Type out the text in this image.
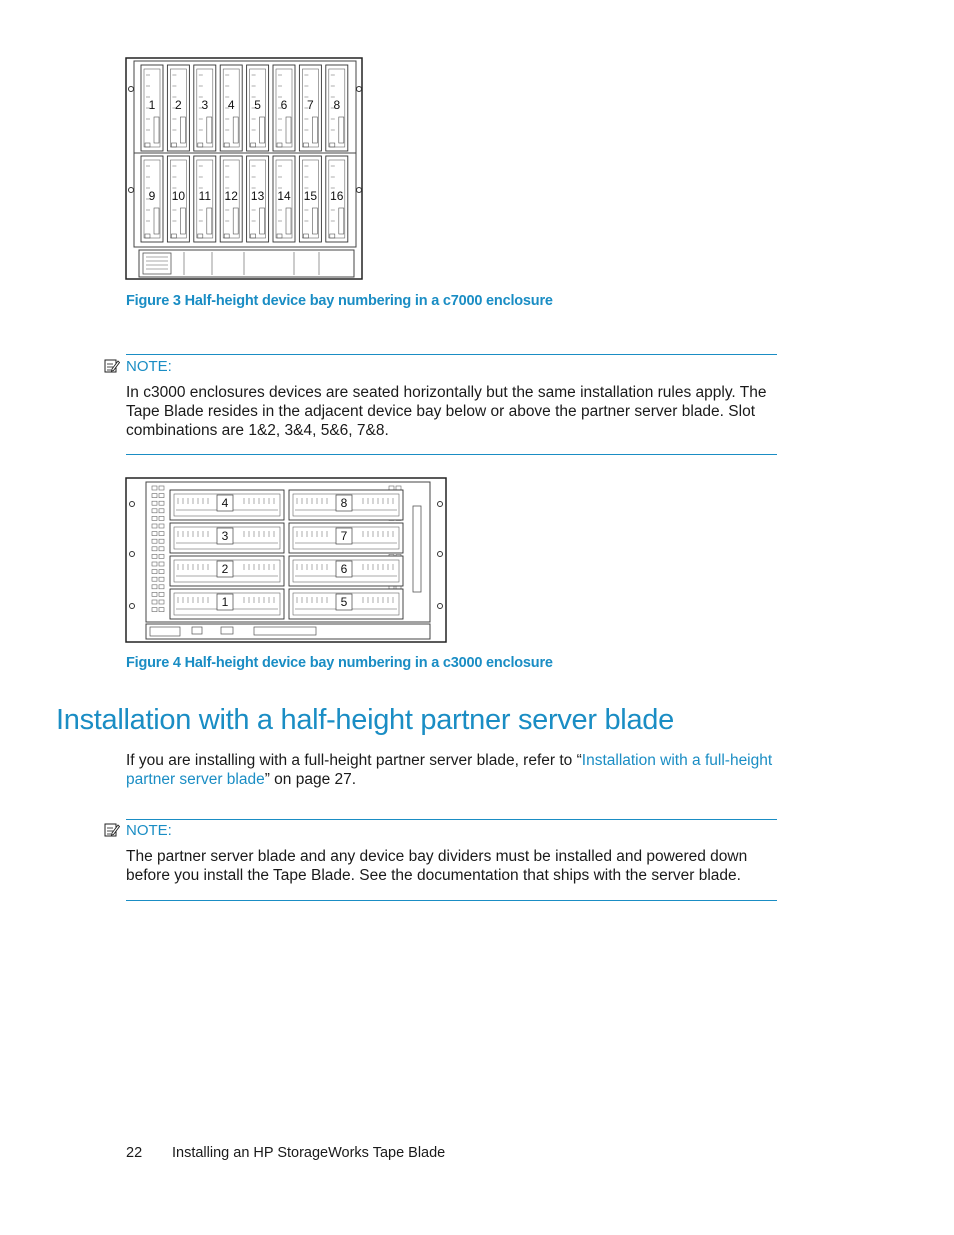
1 2 3 4 5 6 7 8
9 10 11 12 13 14 15 16
Figure 3 Half-height device bay numbering in a c7000 enclosure
NOTE:
In c3000 enclosures devices are seated horizontally but the same installation rules apply. The Tape Blade resides in the adjacent device bay below or above the partner server blade. Slot combinations are 1&2, 3&4, 5&6, 7&8.
4
3
2
1
8
7
6
5
Figure 4 Half-height device bay numbering in a c3000 enclosure
Installation with a half-height partner server blade
If you are installing with a full-height partner server blade, refer to “Installation with a full-height partner server blade” on page 27.
NOTE:
The partner server blade and any device bay dividers must be installed and powered down before you install the Tape Blade. See the documentation that ships with the server blade.
22 Installing an HP StorageWorks Tape Blade
